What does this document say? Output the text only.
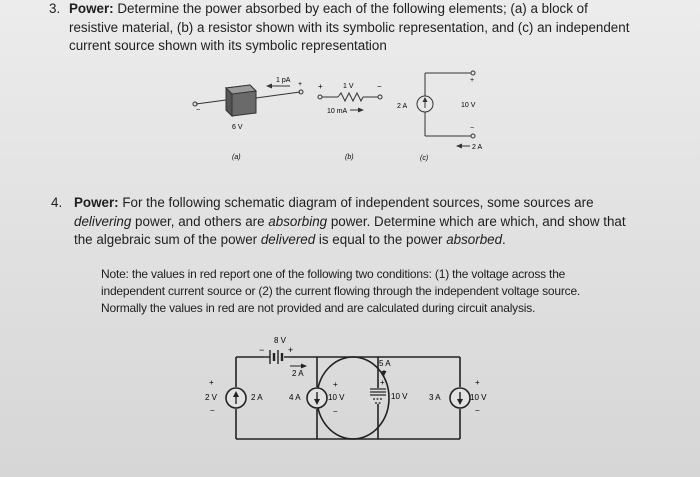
3. Power: Determine the power absorbed by each of the following elements; (a) a block of
resistive material, (b) a resistor shown with its symbolic representation, and (c) an independent
current source shown with its symbolic representation
1 pA
+
−
6 V
(a)
+	1 V	−
10 mA
(b)
2 A
+
10 V
−
2 A
(c)
4. Power: For the following schematic diagram of independent sources, some sources are
delivering power, and others are absorbing power. Determine which are which, and show that
the algebraic sum of the power delivered is equal to the power absorbed.
Note: the values in red report one of the following two conditions: (1) the voltage across the
independent current source or (2) the current flowing through the independent voltage source.
Normally the values in red are not provided and are calculated during circuit analysis.
8 V
−	+
2 A
+
2 V
−
2 A	4 A
+
10 V
−
5 A
+
10 V	3 A
+
10 V
−
